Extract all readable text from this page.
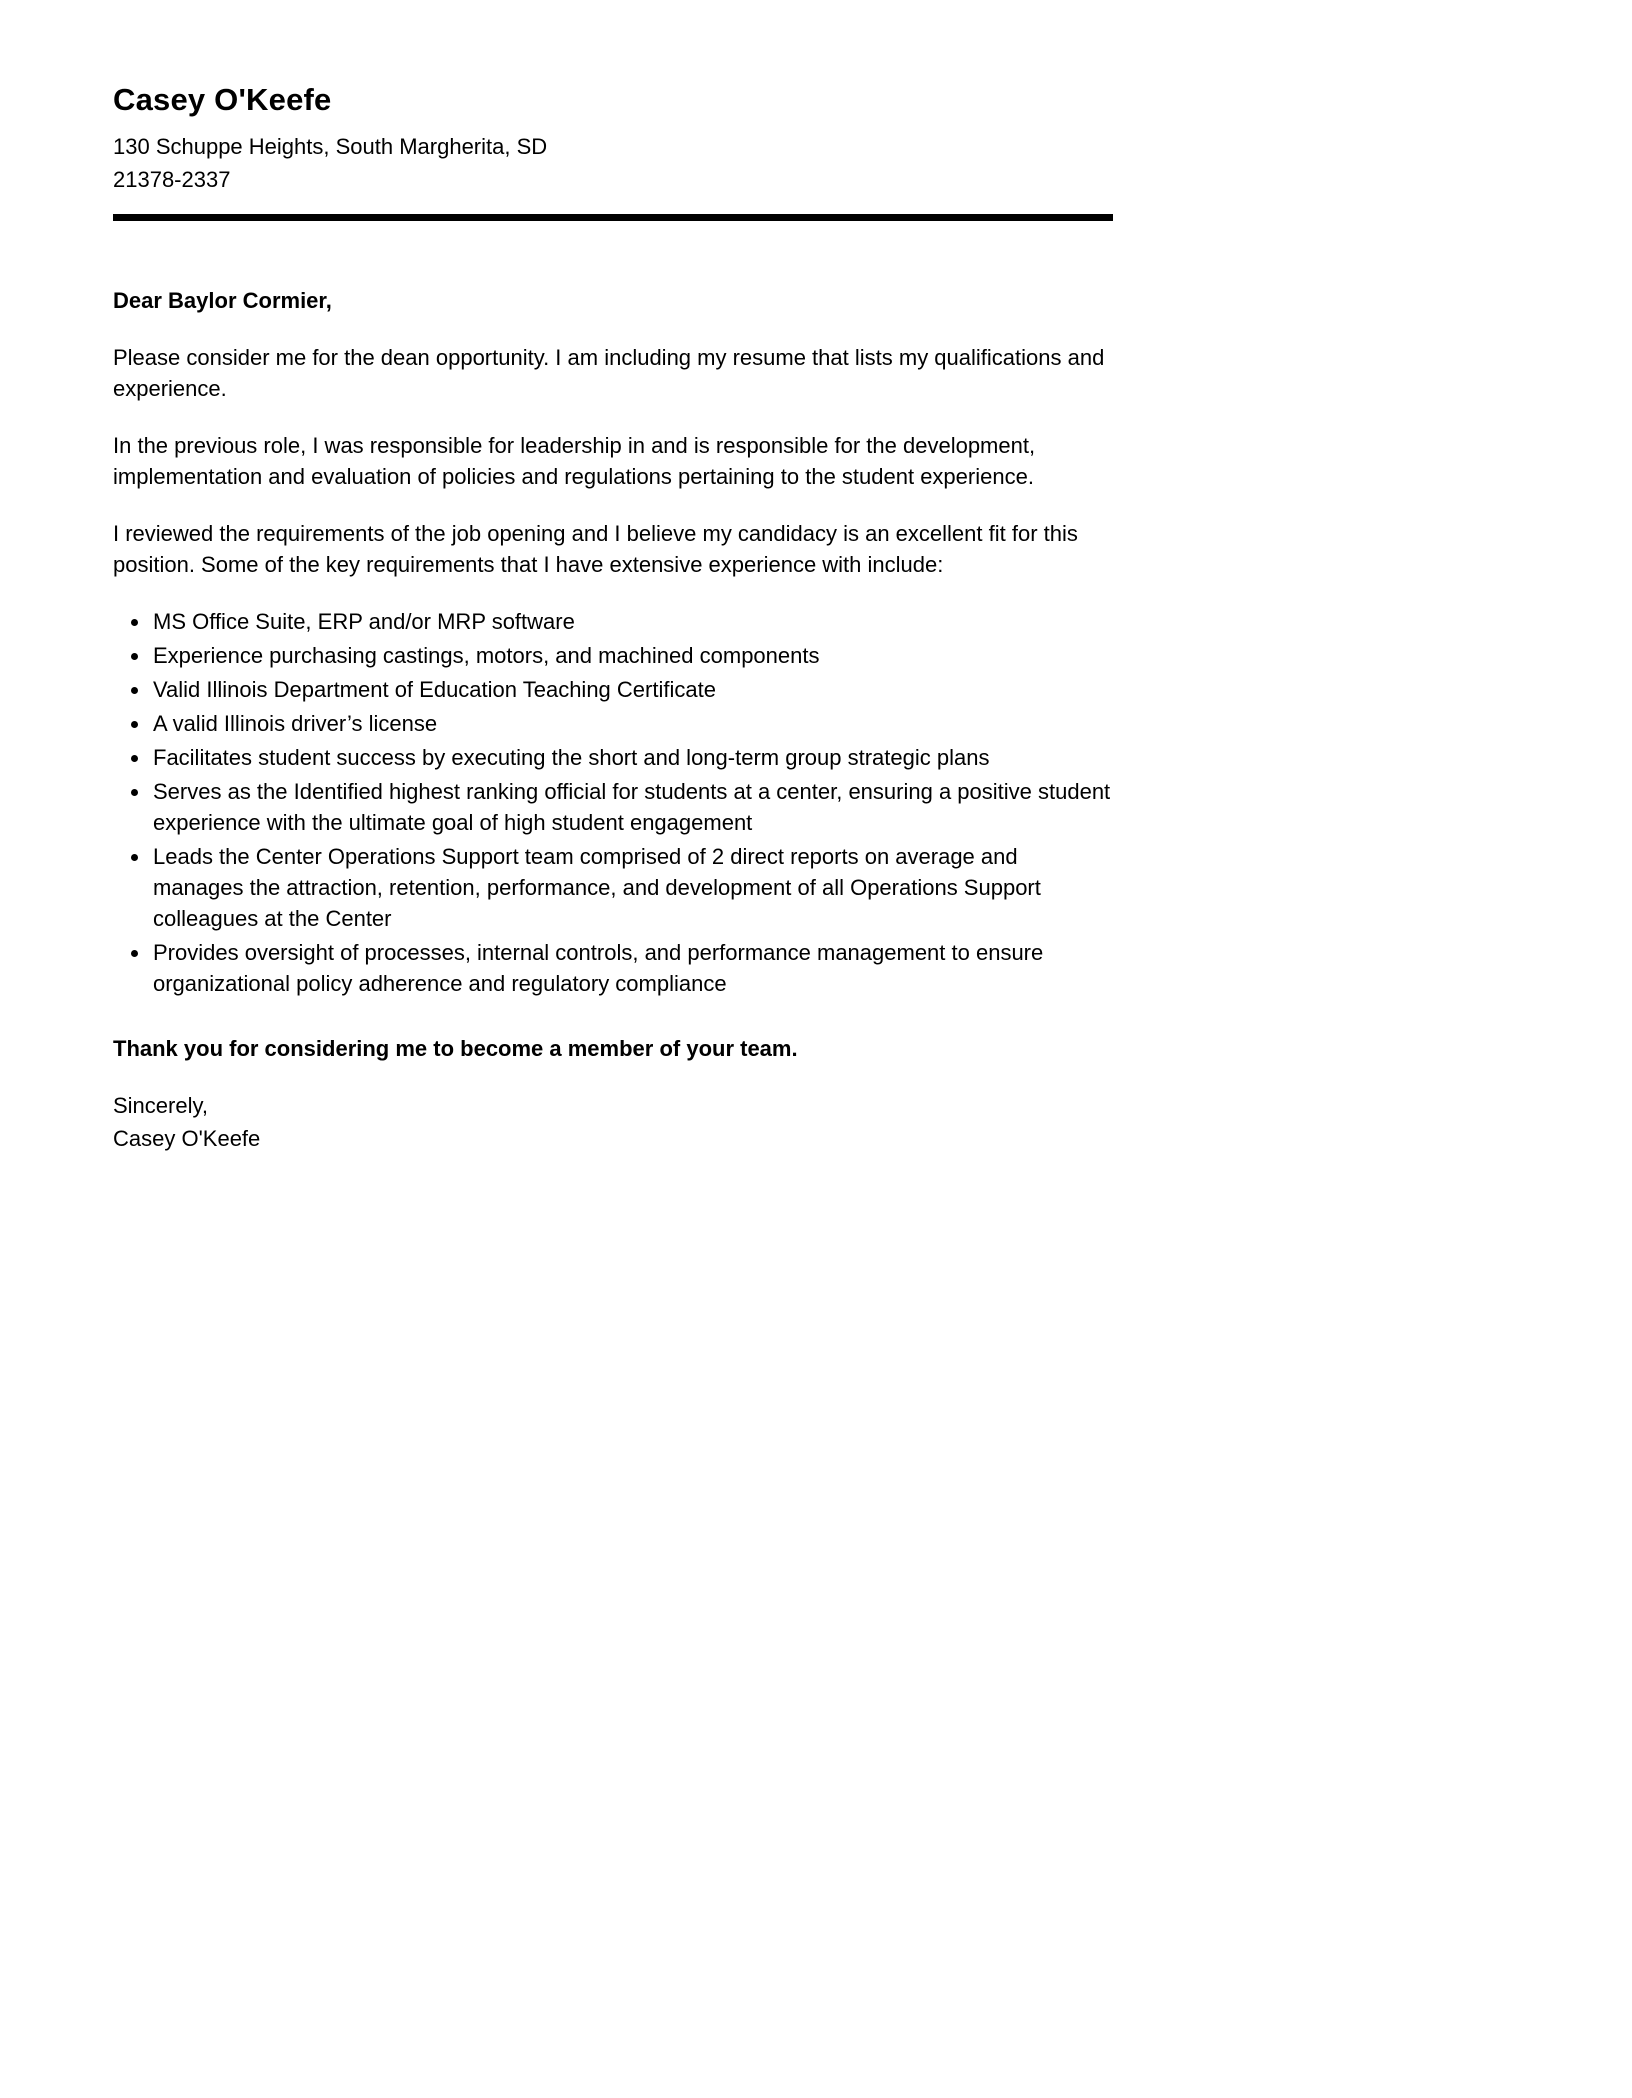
Casey O'Keefe
130 Schuppe Heights, South Margherita, SD
21378-2337

Dear Baylor Cormier,

Please consider me for the dean opportunity. I am including my resume that lists my qualifications and experience.

In the previous role, I was responsible for leadership in and is responsible for the development, implementation and evaluation of policies and regulations pertaining to the student experience.

I reviewed the requirements of the job opening and I believe my candidacy is an excellent fit for this position. Some of the key requirements that I have extensive experience with include:

• MS Office Suite, ERP and/or MRP software
• Experience purchasing castings, motors, and machined components
• Valid Illinois Department of Education Teaching Certificate
• A valid Illinois driver’s license
• Facilitates student success by executing the short and long-term group strategic plans
• Serves as the Identified highest ranking official for students at a center, ensuring a positive student experience with the ultimate goal of high student engagement
• Leads the Center Operations Support team comprised of 2 direct reports on average and manages the attraction, retention, performance, and development of all Operations Support colleagues at the Center
• Provides oversight of processes, internal controls, and performance management to ensure organizational policy adherence and regulatory compliance

Thank you for considering me to become a member of your team.

Sincerely,

Casey O'Keefe
